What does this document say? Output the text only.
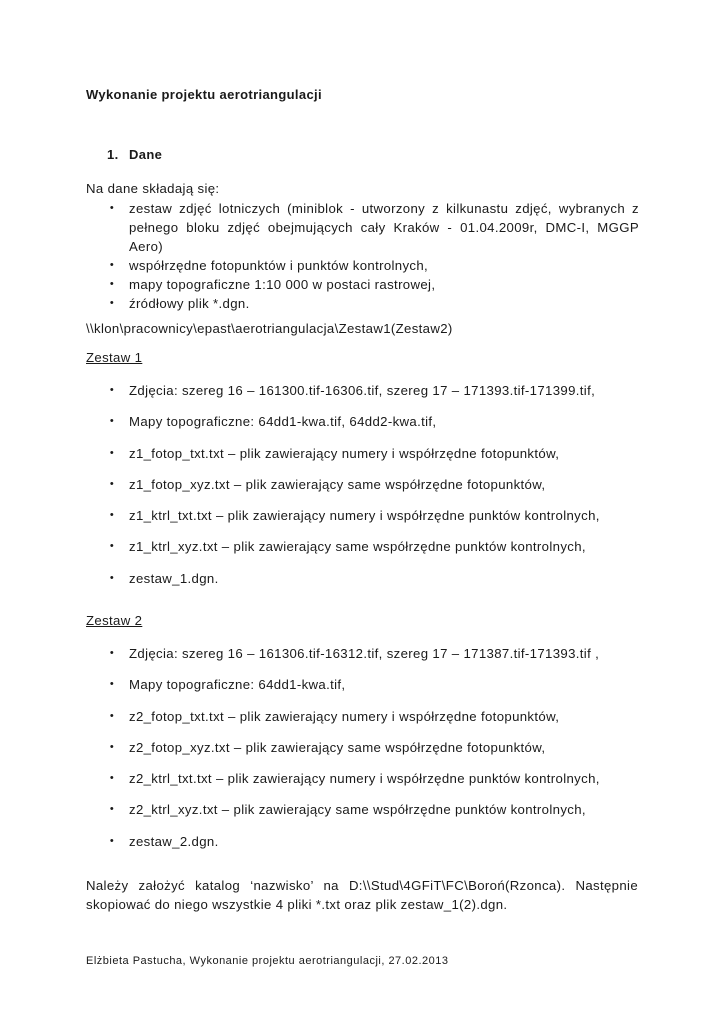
Wykonanie projektu aerotriangulacji
1. Dane
Na dane składają się:
• zestaw zdjęć lotniczych (miniblok - utworzony z kilkunastu zdjęć, wybranych z pełnego bloku zdjęć obejmujących cały Kraków - 01.04.2009r, DMC-I, MGGP Aero)
• współrzędne fotopunktów i punktów kontrolnych,
• mapy topograficzne 1:10 000 w postaci rastrowej,
• źródłowy plik *.dgn.
\\klon\pracownicy\epast\aerotriangulacja\Zestaw1(Zestaw2)
Zestaw 1
• Zdjęcia: szereg 16 – 161300.tif-16306.tif, szereg 17 – 171393.tif-171399.tif,
• Mapy topograficzne: 64dd1-kwa.tif, 64dd2-kwa.tif,
• z1_fotop_txt.txt – plik zawierający numery i współrzędne fotopunktów,
• z1_fotop_xyz.txt – plik zawierający same współrzędne fotopunktów,
• z1_ktrl_txt.txt – plik zawierający numery i współrzędne punktów kontrolnych,
• z1_ktrl_xyz.txt – plik zawierający same współrzędne punktów kontrolnych,
• zestaw_1.dgn.
Zestaw 2
• Zdjęcia: szereg 16 – 161306.tif-16312.tif, szereg 17 – 171387.tif-171393.tif ,
• Mapy topograficzne: 64dd1-kwa.tif,
• z2_fotop_txt.txt – plik zawierający numery i współrzędne fotopunktów,
• z2_fotop_xyz.txt – plik zawierający same współrzędne fotopunktów,
• z2_ktrl_txt.txt – plik zawierający numery i współrzędne punktów kontrolnych,
• z2_ktrl_xyz.txt – plik zawierający same współrzędne punktów kontrolnych,
• zestaw_2.dgn.
Należy założyć katalog ‘nazwisko’ na D:\\Stud\4GFiT\FC\Boroń(Rzonca). Następnie skopiować do niego wszystkie 4 pliki *.txt oraz plik zestaw_1(2).dgn.
Elżbieta Pastucha, Wykonanie projektu aerotriangulacji, 27.02.2013
